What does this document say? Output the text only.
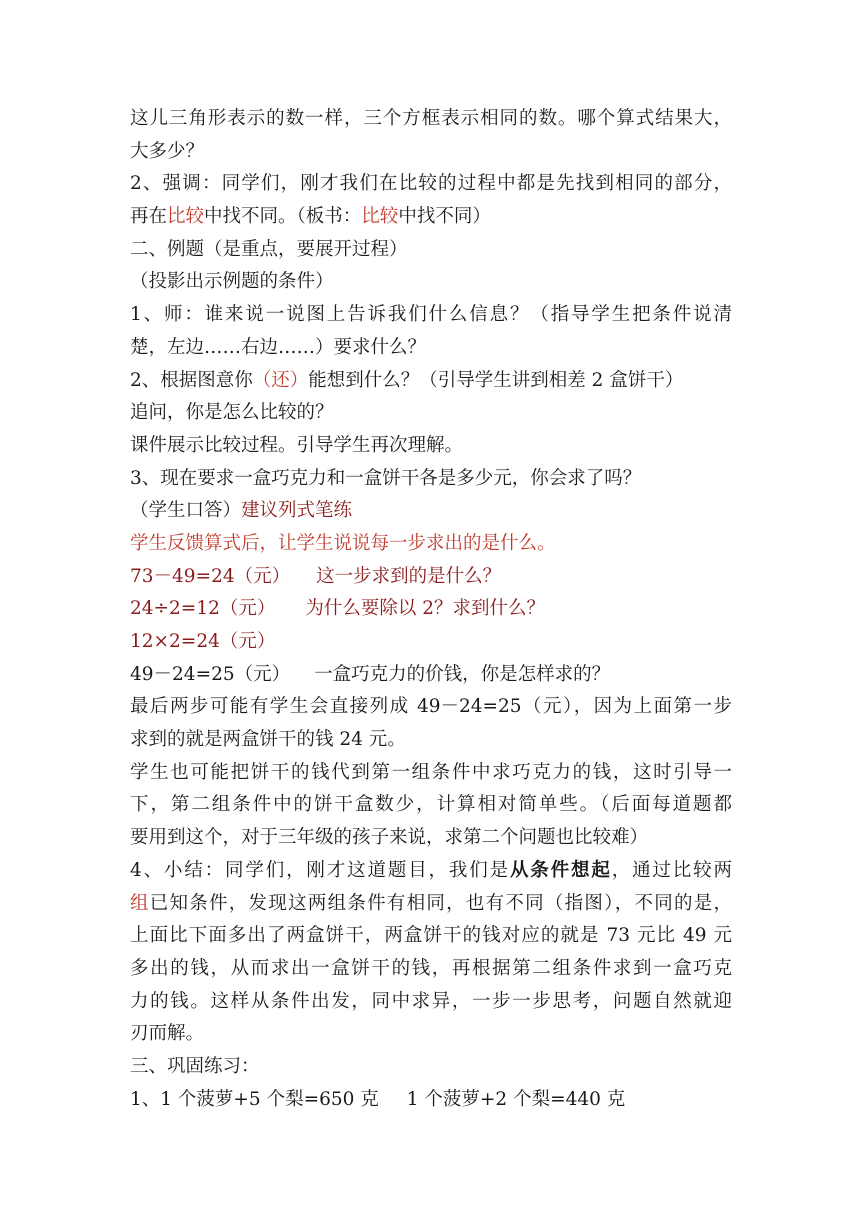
这儿三角形表示的数一样，三个方框表示相同的数。哪个算式结果大，
大多少？
2、强调：同学们，刚才我们在比较的过程中都是先找到相同的部分，
再在比较中找不同。（板书：比较中找不同）
二、例题（是重点，要展开过程）
（投影出示例题的条件）
1、师：谁来说一说图上告诉我们什么信息？（指导学生把条件说清
楚，左边……右边……）要求什么？
2、根据图意你（还）能想到什么？（引导学生讲到相差 2 盒饼干）
追问，你是怎么比较的？
课件展示比较过程。引导学生再次理解。
3、现在要求一盒巧克力和一盒饼干各是多少元，你会求了吗？
（学生口答）建议列式笔练
学生反馈算式后，让学生说说每一步求出的是什么。
73－49=24（元） 这一步求到的是什么？
24÷2=12（元） 为什么要除以 2？求到什么？
12×2=24（元）
49－24=25（元） 一盒巧克力的价钱，你是怎样求的？
最后两步可能有学生会直接列成 49－24=25（元），因为上面第一步
求到的就是两盒饼干的钱 24 元。
学生也可能把饼干的钱代到第一组条件中求巧克力的钱，这时引导一
下，第二组条件中的饼干盒数少，计算相对简单些。（后面每道题都
要用到这个，对于三年级的孩子来说，求第二个问题也比较难）
4、小结：同学们，刚才这道题目，我们是从条件想起，通过比较两
组已知条件，发现这两组条件有相同，也有不同（指图），不同的是，
上面比下面多出了两盒饼干，两盒饼干的钱对应的就是 73 元比 49 元
多出的钱，从而求出一盒饼干的钱，再根据第二组条件求到一盒巧克
力的钱。这样从条件出发，同中求异，一步一步思考，问题自然就迎
刃而解。
三、巩固练习：
1、1 个菠萝+5 个梨=650 克 1 个菠萝+2 个梨=440 克
